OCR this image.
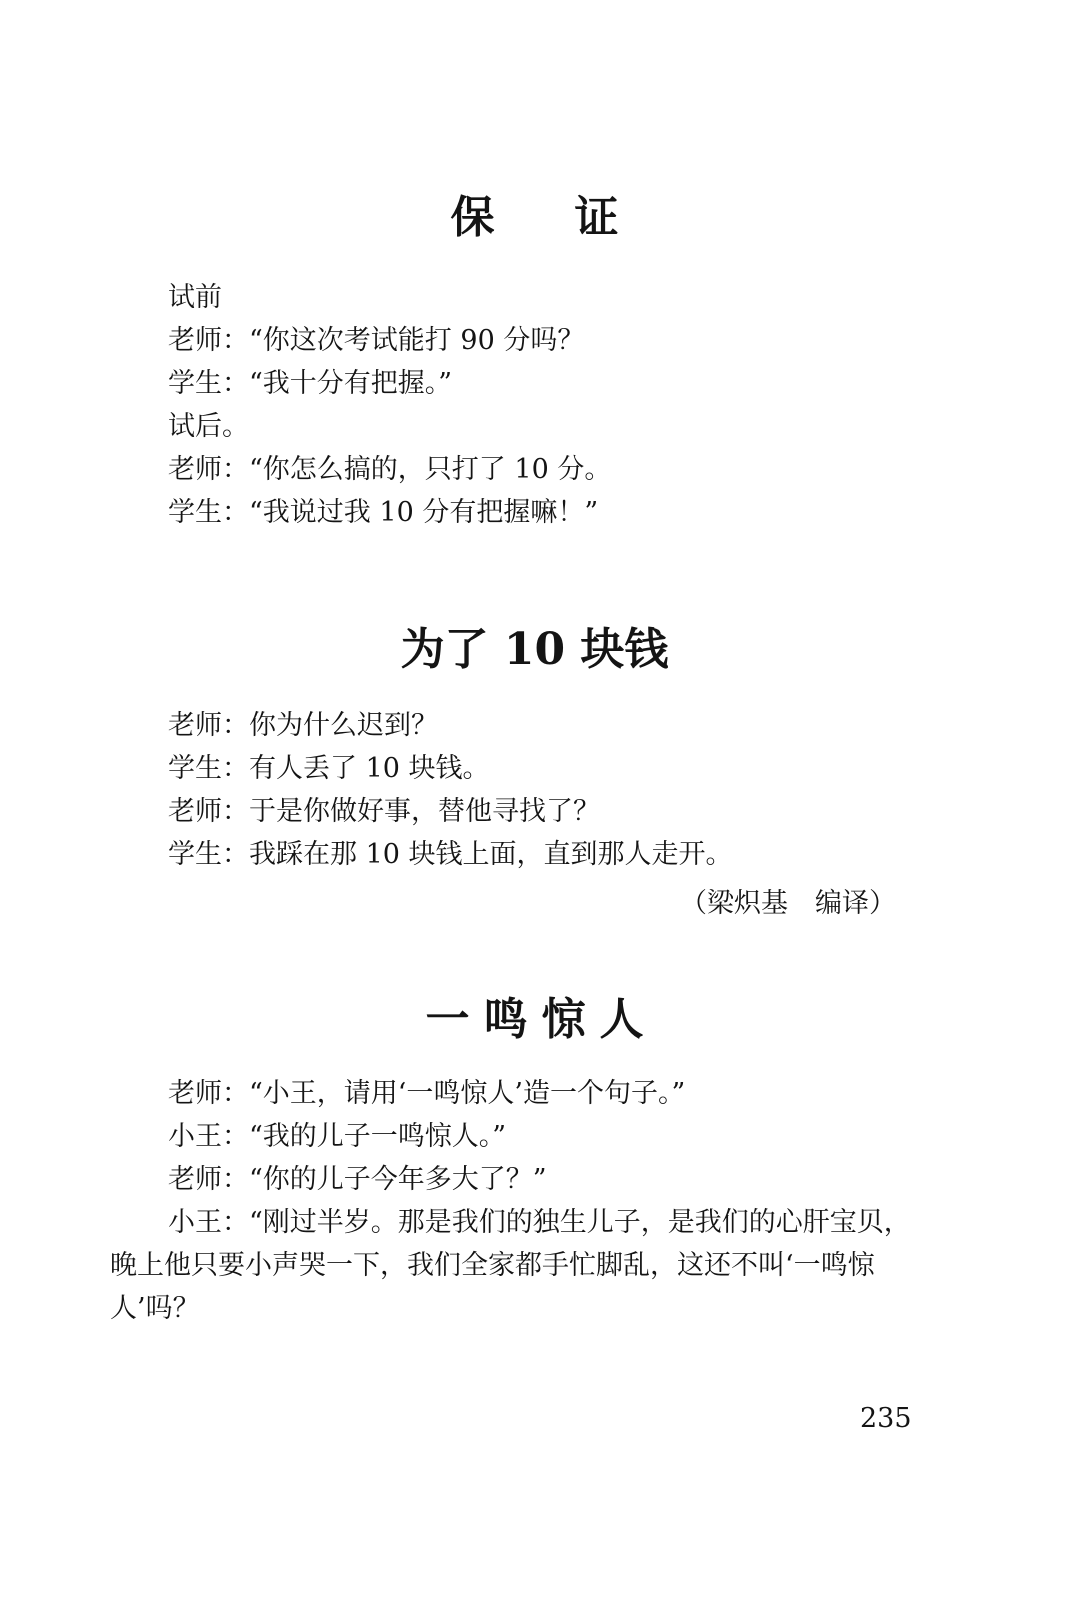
保证
试前
老师：“你这次考试能打 90 分吗？
学生：“我十分有把握。”
试后。
老师：“你怎么搞的，只打了 10 分。
学生：“我说过我 10 分有把握嘛！”
为了 10 块钱
老师：你为什么迟到？
学生：有人丢了 10 块钱。
老师：于是你做好事，替他寻找了？
学生：我踩在那 10 块钱上面，直到那人走开。
（梁炽基　编译）
一鸣惊人
老师：“小王，请用‘一鸣惊人’造一个句子。”
小王：“我的儿子一鸣惊人。”
老师：“你的儿子今年多大了？”
小王：“刚过半岁。那是我们的独生儿子，是我们的心肝宝贝，
晚上他只要小声哭一下，我们全家都手忙脚乱，这还不叫‘一鸣惊
人’吗？
235
